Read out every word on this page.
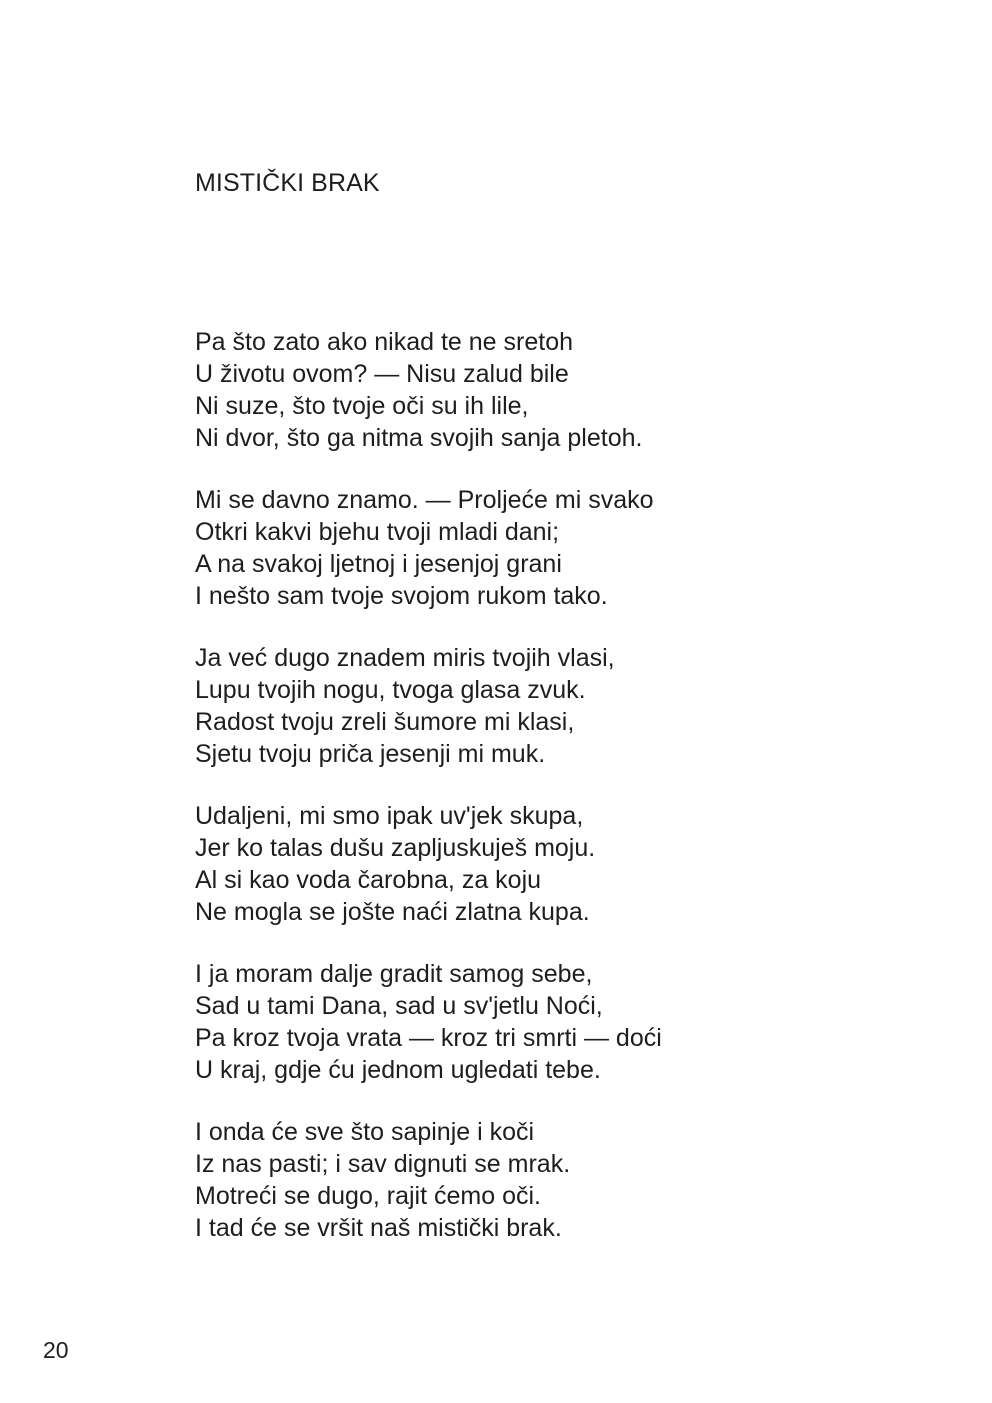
MISTIČKI BRAK
Pa što zato ako nikad te ne sretoh
U životu ovom? — Nisu zalud bile
Ni suze, što tvoje oči su ih lile,
Ni dvor, što ga nitma svojih sanja pletoh.
Mi se davno znamo. — Proljeće mi svako
Otkri kakvi bjehu tvoji mladi dani;
A na svakoj ljetnoj i jesenjoj grani
I nešto sam tvoje svojom rukom tako.
Ja već dugo znadem miris tvojih vlasi,
Lupu tvojih nogu, tvoga glasa zvuk.
Radost tvoju zreli šumore mi klasi,
Sjetu tvoju priča jesenji mi muk.
Udaljeni, mi smo ipak uv'jek skupa,
Jer ko talas dušu zapljuskuješ moju.
Al si kao voda čarobna, za koju
Ne mogla se jošte naći zlatna kupa.
I ja moram dalje gradit samog sebe,
Sad u tami Dana, sad u sv'jetlu Noći,
Pa kroz tvoja vrata — kroz tri smrti — doći
U kraj, gdje ću jednom ugledati tebe.
I onda će sve što sapinje i koči
Iz nas pasti; i sav dignuti se mrak.
Motreći se dugo, rajit ćemo oči.
I tad će se vršit naš mistički brak.
20
